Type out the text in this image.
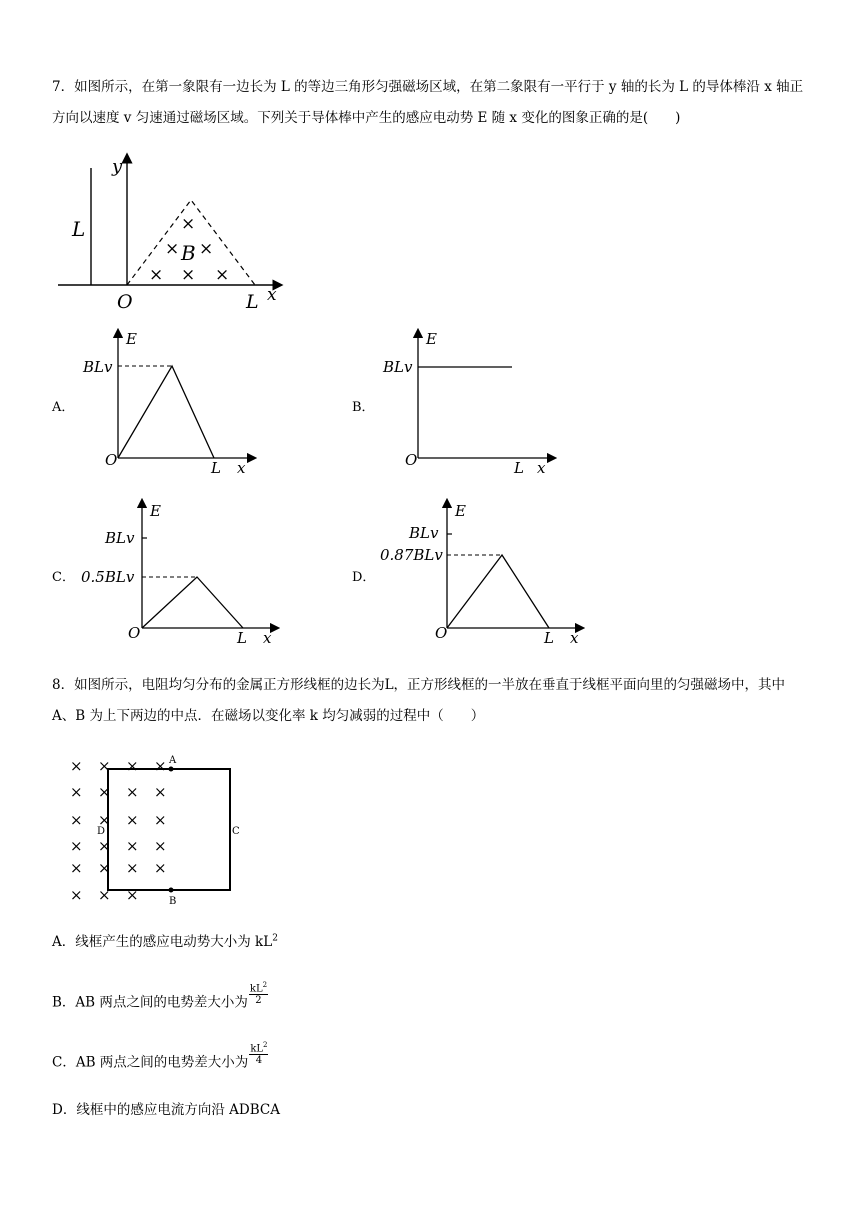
7．如图所示，在第一象限有一边长为 L 的等边三角形匀强磁场区域，在第二象限有一平行于 y 轴的长为 L 的导体棒沿 x 轴正方向以速度 v 匀速通过磁场区域。下列关于导体棒中产生的感应电动势 E 随 x 变化的图象正确的是(　　)
L
y
x
O	L
B
×
× ×
× × ×
A．
E
x
O	L
BLv
B．
E
x
O	L
BLv
C．
E
x
O	L
BLv
0.5BLv	D．
E
x
O	L
BLv
0.87BLv
8．如图所示，电阻均匀分布的金属正方形线框的边长为L，正方形线框的一半放在垂直于线框平面向里的匀强磁场中，其中 A、B 为上下两边的中点．在磁场以变化率 k 均匀减弱的过程中（　　）
× × × ×
× × × ×
× × × ×
× × × ×
× × × ×
× × ×
A
B
C
D
A．线框产生的感应电动势大小为 $kL^2$
B．AB 两点之间的电势差大小为 $\frac{kL^2}{2}$
C．AB 两点之间的电势差大小为 $\frac{kL^2}{4}$
D．线框中的感应电流方向沿 ADBCA
